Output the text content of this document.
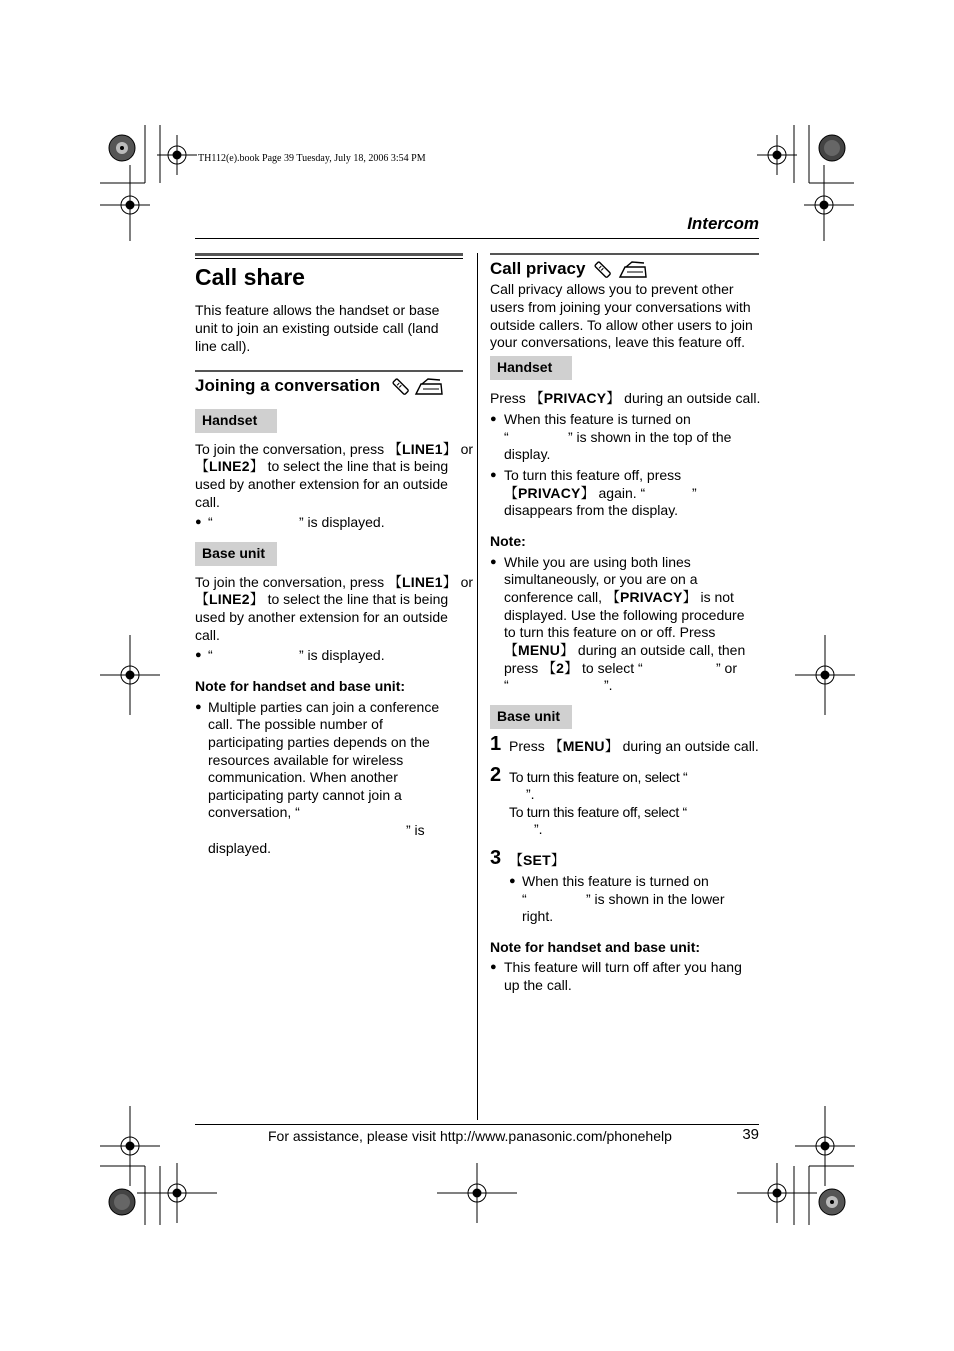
TH112(e).book Page 39 Tuesday, July 18, 2006 3:54 PM
Intercom
Call share
This feature allows the handset or base
unit to join an existing outside call (land
line call).
Joining a conversation
Handset
To join the conversation, press 【LINE1】 or
【LINE2】 to select the line that is being
used by another extension for an outside
call.
● “	” is displayed.
Base unit
To join the conversation, press 【LINE1】 or
【LINE2】 to select the line that is being
used by another extension for an outside
call.
● “	” is displayed.
Note for handset and base unit:
● Multiple parties can join a conference
call. The possible number of
participating parties depends on the
resources available for wireless
communication. When another
participating party cannot join a
conversation, “
” is
displayed.
Call privacy
Call privacy allows you to prevent other
users from joining your conversations with
outside callers. To allow other users to join
your conversations, leave this feature off.
Handset
Press 【PRIVACY】 during an outside call.
● When this feature is turned on
“	” is shown in the top of the
display.
● To turn this feature off, press
【PRIVACY】 again. “	”
disappears from the display.
Note:
● While you are using both lines
simultaneously, or you are on a
conference call, 【PRIVACY】 is not
displayed. Use the following procedure
to turn this feature on or off. Press
【MENU】 during an outside call, then
press 【2】 to select “	” or
“	”.
Base unit
1 Press 【MENU】 during an outside call.
2 To turn this feature on, select “
”.
To turn this feature off, select “
”.
3 【SET】
● When this feature is turned on
“	” is shown in the lower
right.
Note for handset and base unit:
● This feature will turn off after you hang
up the call.
For assistance, please visit http://www.panasonic.com/phonehelp	39
